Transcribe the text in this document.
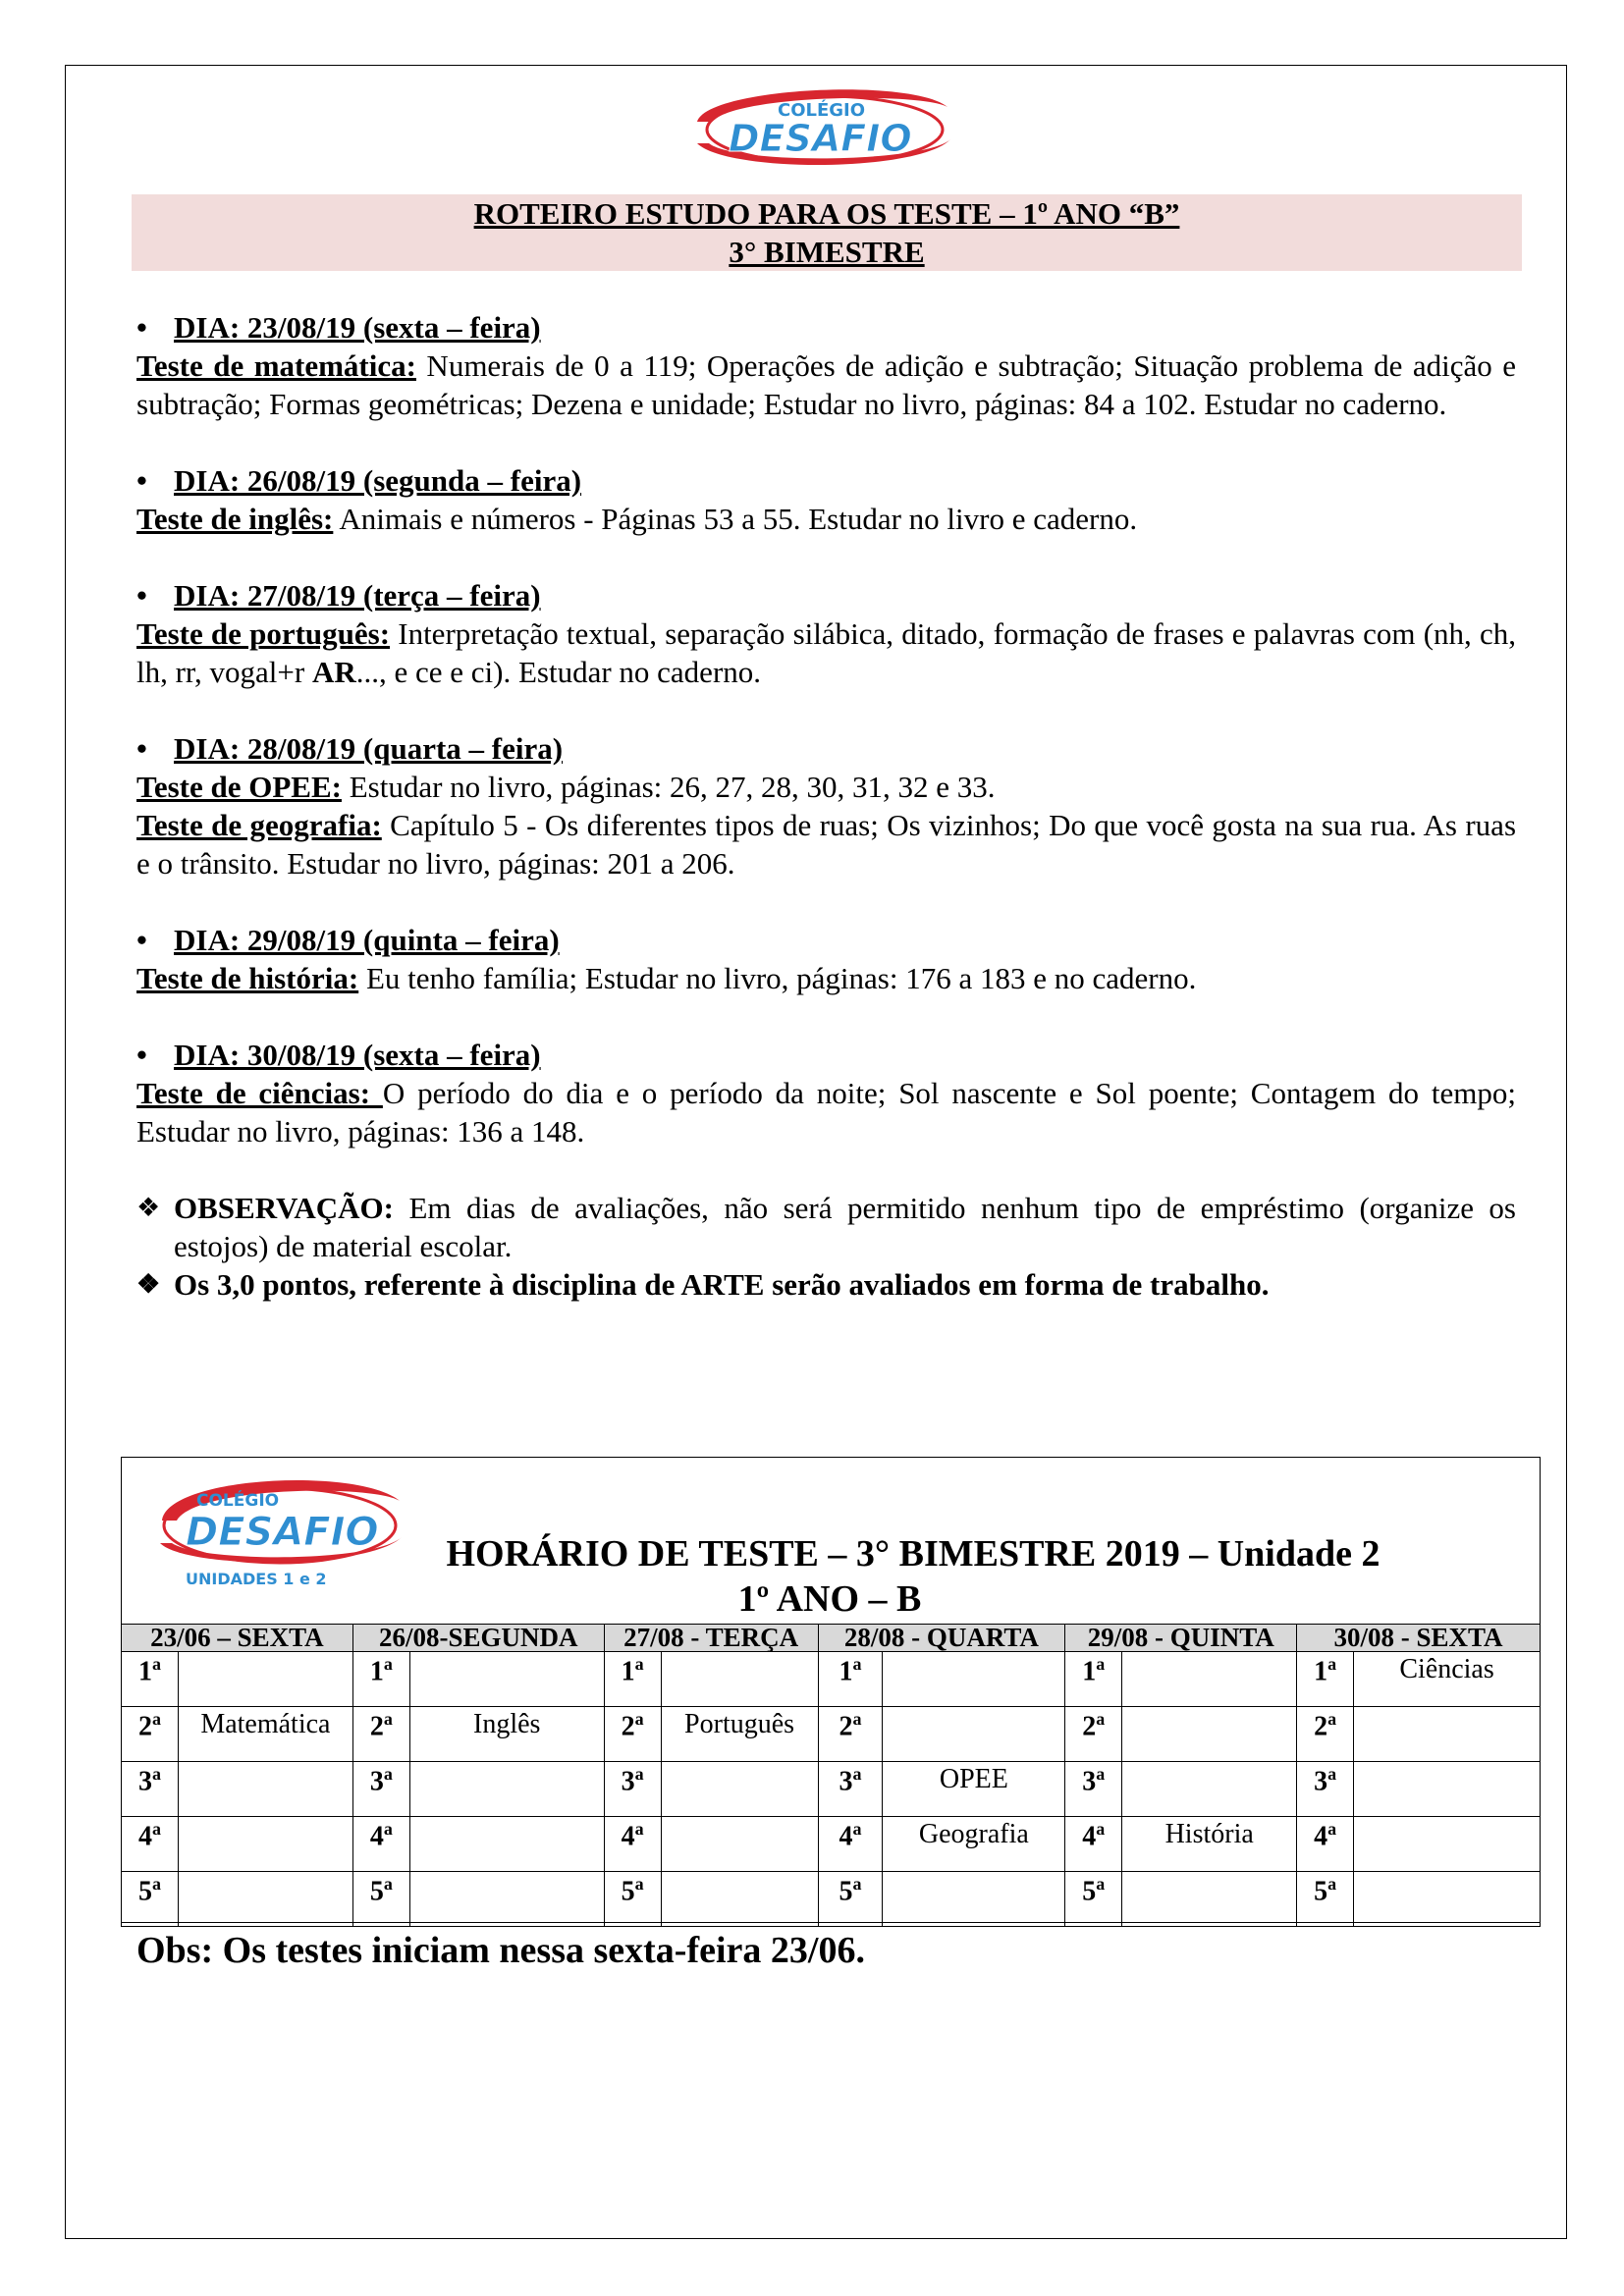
COLÉGIO
DESAFIO
ROTEIRO ESTUDO PARA OS TESTE – 1º ANO “B”
3° BIMESTRE
• DIA: 23/08/19 (sexta – feira)
Teste de matemática: Numerais de 0 a 119; Operações de adição e subtração; Situação problema de adição e subtração; Formas geométricas; Dezena e unidade; Estudar no livro, páginas: 84 a 102. Estudar no caderno.
• DIA: 26/08/19 (segunda – feira)
Teste de inglês: Animais e números - Páginas 53 a 55. Estudar no livro e caderno.
• DIA: 27/08/19 (terça – feira)
Teste de português: Interpretação textual, separação silábica, ditado, formação de frases e palavras com (nh, ch, lh, rr, vogal+r AR..., e ce e ci). Estudar no caderno.
• DIA: 28/08/19 (quarta – feira)
Teste de OPEE: Estudar no livro, páginas: 26, 27, 28, 30, 31, 32 e 33.
Teste de geografia: Capítulo 5 - Os diferentes tipos de ruas; Os vizinhos; Do que você gosta na sua rua. As ruas e o trânsito. Estudar no livro, páginas: 201 a 206.
• DIA: 29/08/19 (quinta – feira)
Teste de história: Eu tenho família; Estudar no livro, páginas: 176 a 183 e no caderno.
• DIA: 30/08/19 (sexta – feira)
Teste de ciências: O período do dia e o período da noite; Sol nascente e Sol poente; Contagem do tempo; Estudar no livro, páginas: 136 a 148.
❖ OBSERVAÇÃO: Em dias de avaliações, não será permitido nenhum tipo de empréstimo (organize os estojos) de material escolar.
❖ Os 3,0 pontos, referente à disciplina de ARTE serão avaliados em forma de trabalho.
COLÉGIO
DESAFIO
UNIDADES 1 e 2
HORÁRIO DE TESTE – 3° BIMESTRE 2019 – Unidade 2
1º ANO – B
23/06 – SEXTA		26/08-SEGUNDA		27/08 - TERÇA		28/08 - QUARTA		29/08 - QUINTA		30/08 - SEXTA	
1$^a$		1$^a$		1$^a$		1$^a$		1$^a$		1$^a$	Ciências
2$^a$	Matemática	2$^a$	Inglês	2$^a$	Português	2$^a$		2$^a$		2$^a$	
3$^a$		3$^a$		3$^a$		3$^a$	OPEE	3$^a$		3$^a$	
4$^a$		4$^a$		4$^a$		4$^a$	Geografia	4$^a$	História	4$^a$	
5$^a$		5$^a$		5$^a$		5$^a$		5$^a$		5$^a$	
Obs: Os testes iniciam nessa sexta-feira 23/06.
